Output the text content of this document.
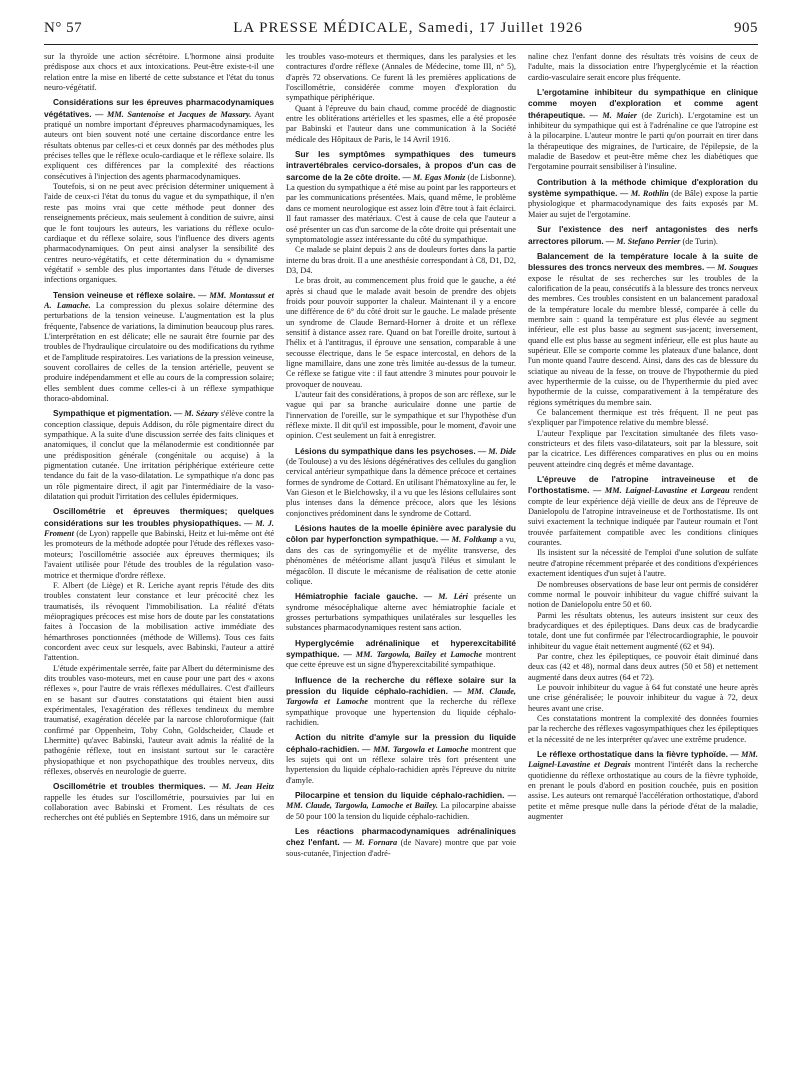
N° 57	LA PRESSE MÉDICALE, Samedi, 17 Juillet 1926	905

sur la thyroïde une action sécrétoire. L'hormone ainsi produite prédispose aux chocs et aux intoxications. Peut-être existe-t-il une relation entre la mise en liberté de cette substance et l'état du tonus neuro-végétatif.

Considérations sur les épreuves pharmacodynamiques végétatives. — MM. Santenoise et Jacques de Massary. Ayant pratiqué un nombre important d'épreuves pharmacodynamiques, les auteurs ont bien souvent noté une certaine discordance entre les résultats obtenus par celles-ci et ceux donnés par des méthodes plus précises telles que le réflexe oculo-cardiaque et le réflexe solaire. Ils expliquent ces différences par la complexité des réactions consécutives à l'injection des agents pharmacodynamiques.

Toutefois, si on ne peut avec précision déterminer uniquement à l'aide de ceux-ci l'état du tonus du vague et du sympathique, il n'en reste pas moins vrai que cette méthode peut donner des renseignements précieux, mais seulement à condition de suivre, ainsi que le font toujours les auteurs, les variations du réflexe oculo-cardiaque et du réflexe solaire, sous l'influence des divers agents pharmacodynamiques. On peut ainsi analyser la sensibilité des centres neuro-végétatifs, et cette détermination du « dynamisme végétatif » semble des plus importantes dans l'étude de diverses infections organiques.

Tension veineuse et réflexe solaire. — MM. Montassut et A. Lamache. La compression du plexus solaire détermine des perturbations de la tension veineuse. L'augmentation est la plus fréquente, l'absence de variations, la diminution beaucoup plus rares. L'interprétation en est délicate; elle ne saurait être fournie par des troubles de l'hydraulique circulatoire ou des modifications du rythme et de l'amplitude respiratoires. Les variations de la pression veineuse, souvent corollaires de celles de la tension artérielle, peuvent se produire indépendamment et elle au cours de la compression solaire; elles semblent dues comme celles-ci à un réflexe sympathique thoraco-abdominal.

Sympathique et pigmentation. — M. Sézary s'élève contre la conception classique, depuis Addison, du rôle pigmentaire direct du sympathique. A la suite d'une discussion serrée des faits cliniques et anatomiques, il conclut que la mélanodermie est conditionnée par une prédisposition générale (congénitale ou acquise) à la pigmentation cutanée. Une irritation périphérique extérieure cette tendance du fait de la vaso-dilatation. Le sympathique n'a donc pas un rôle pigmentaire direct, il agit par l'intermédiaire de la vaso-dilatation qui produit l'irritation des cellules épidermiques.

Oscillométrie et épreuves thermiques; quelques considérations sur les troubles physiopathiques. — M. J. Froment (de Lyon) rappelle que Babinski, Heitz et lui-même ont été les promoteurs de la méthode adoptée pour l'étude des réflexes vaso-moteurs; l'oscillométrie associée aux épreuves thermiques; ils l'avaient utilisée pour l'étude des troubles de la régulation vaso-motrice et thermique d'ordre réflexe.

F. Albert (de Liège) et R. Leriche ayant repris l'étude des dits troubles constatent leur constance et leur précocité chez les traumatisés, ils révoquent l'immobilisation. La réalité d'états méiopragiques précoces est mise hors de doute par les constatations faites à l'occasion de la mobilisation active immédiate des hémarthroses ponctionnées (méthode de Willems). Tous ces faits concordent avec ceux sur lesquels, avec Babinski, l'auteur a attiré l'attention.

L'étude expérimentale serrée, faite par Albert du déterminisme des dits troubles vaso-moteurs, met en cause pour une part des « axons réflexes », pour l'autre de vrais réflexes médullaires. C'est d'ailleurs en se basant sur d'autres constatations qui étaient bien aussi expérimentales, l'exagération des réflexes tendineux du membre traumatisé, exagération décelée par la narcose chloroformique (fait confirmé par Oppenheim, Toby Cohn, Goldscheider, Claude et Lhermitte) qu'avec Babinski, l'auteur avait admis la réalité de la pathogénie réflexe, tout en insistant surtout sur le caractère physiopathique et non psychopathique des troubles nerveux, dits réflexes, observés en neurologie de guerre.

Oscillométrie et troubles thermiques. — M. Jean Heitz rappelle les études sur l'oscillométrie, poursuivies par lui en collaboration avec Babinski et Froment. Les résultats de ces recherches ont été publiés en Septembre 1916, dans un mémoire sur

les troubles vaso-moteurs et thermiques, dans les paralysies et les contractures d'ordre réflexe (Annales de Médecine, tome III, n° 5), d'après 72 observations. Ce furent là les premières applications de l'oscillométrie, considérée comme moyen d'exploration du sympathique périphérique.

Quant à l'épreuve du bain chaud, comme procédé de diagnostic entre les oblitérations artérielles et les spasmes, elle a été proposée par Babinski et l'auteur dans une communication à la Société médicale des Hôpitaux de Paris, le 14 Avril 1916.

Sur les symptômes sympathiques des tumeurs intravertébrales cervico-dorsales, à propos d'un cas de sarcome de la 2e côte droite. — M. Egas Moniz (de Lisbonne). La question du sympathique a été mise au point par les rapporteurs et par les communications présentées. Mais, quand même, le problème dans ce moment neurologique est assez loin d'être tout à fait éclairci. Il faut ramasser des matériaux. C'est à cause de cela que l'auteur a osé présenter un cas d'un sarcome de la côte droite qui présentait une symptomatologie assez intéressante du côté du sympathique.

Ce malade se plaint depuis 2 ans de douleurs fortes dans la partie interne du bras droit. Il a une anesthésie correspondant à C8, D1, D2, D3, D4.

Le bras droit, au commencement plus froid que le gauche, a été après si chaud que le malade avait besoin de prendre des objets froids pour pouvoir supporter la chaleur. Maintenant il y a encore une différence de 6° du côté droit sur le gauche. Le malade présente un syndrome de Claude Bernard-Horner à droite et un réflexe sensitif à distance assez rare. Quand on bat l'oreille droite, surtout à l'hélix et à l'antitragus, il éprouve une sensation, comparable à une secousse électrique, dans le 5e espace intercostal, en dehors de la ligne mamillaire, dans une zone très limitée au-dessus de la tumeur. Ce réflexe se fatigue vite : il faut attendre 3 minutes pour pouvoir le provoquer de nouveau.

L'auteur fait des considérations, à propos de son arc réflexe, sur le vague qui par sa branche auriculaire donne une partie de l'innervation de l'oreille, sur le sympathique et sur l'hypothèse d'un réflexe mixte. Il dit qu'il est impossible, pour le moment, d'avoir une opinion. C'est seulement un fait à enregistrer.

Lésions du sympathique dans les psychoses. — M. Dide (de Toulouse) a vu des lésions dégénératives des cellules du ganglion cervical antérieur sympathique dans la démence précoce et certaines formes de syndrome de Cottard. En utilisant l'hématoxyline au fer, le Van Gieson et le Bielchowsky, il a vu que les lésions cellulaires sont plus intenses dans la démence précoce, alors que les lésions conjonctives prédominent dans le syndrome de Cottard.

Lésions hautes de la moelle épinière avec paralysie du côlon par hyperfonction sympathique. — M. Foltkamp a vu, dans des cas de syringomyélie et de myélite transverse, des phénomènes de météorisme allant jusqu'à l'iléus et simulant le mégacôlon. Il discute le mécanisme de réalisation de cette atonie colique.

Hémiatrophie faciale gauche. — M. Léri présente un syndrome mésocéphalique alterne avec hémiatrophie faciale et grosses perturbations sympathiques unilatérales sur lesquelles les substances pharmacodynamiques restent sans action.

Hyperglycémie adrénalinique et hyperexcitabilité sympathique. — MM. Targowla, Bailey et Lamoche montrent que cette épreuve est un signe d'hyperexcitabilité sympathique.

Influence de la recherche du réflexe solaire sur la pression du liquide céphalo-rachidien. — MM. Claude, Targowla et Lamoche montrent que la recherche du réflexe sympathique provoque une hypertension du liquide céphalo-rachidien.

Action du nitrite d'amyle sur la pression du liquide céphalo-rachidien. — MM. Targowla et Lamoche montrent que les sujets qui ont un réflexe solaire très fort présentent une hypertension du liquide céphalo-rachidien après l'épreuve du nitrite d'amyle.

Pilocarpine et tension du liquide céphalo-rachidien. — MM. Claude, Targowla, Lamoche et Bailey. La pilocarpine abaisse de 50 pour 100 la tension du liquide céphalo-rachidien.

Les réactions pharmacodynamiques adrénaliniques chez l'enfant. — M. Fornara (de Navare) montre que par voie sous-cutanée, l'injection d'adré-

naline chez l'enfant donne des résultats très voisins de ceux de l'adulte, mais la dissociation entre l'hyperglycémie et la réaction cardio-vasculaire serait encore plus fréquente.

L'ergotamine inhibiteur du sympathique en clinique comme moyen d'exploration et comme agent thérapeutique. — M. Maier (de Zurich). L'ergotamine est un inhibiteur du sympathique qui est à l'adrénaline ce que l'atropine est à la pilocarpine. L'auteur montre le parti qu'on pourrait en tirer dans la thérapeutique des migraines, de l'urticaire, de l'épilepsie, de la maladie de Basedow et peut-être même chez les diabétiques que l'ergotamine pourrait sensibiliser à l'insuline.

Contribution à la méthode chimique d'exploration du système sympathique. — M. Rothlin (de Bâle) expose la partie physiologique et pharmacodynamique des faits exposés par M. Maier au sujet de l'ergotamine.

Sur l'existence des nerf antagonistes des nerfs arrectores pilorum. — M. Stefano Perrier (de Turin).

Balancement de la température locale à la suite de blessures des troncs nerveux des membres. — M. Souques expose le résultat de ses recherches sur les troubles de la calorification de la peau, consécutifs à la blessure des troncs nerveux des membres. Ces troubles consistent en un balancement paradoxal de la température locale du membre blessé, comparée à celle du membre sain : quand la température est plus élevée au segment inférieur, elle est plus basse au segment sus-jacent; inversement, quand elle est plus basse au segment inférieur, elle est plus haute au supérieur. Elle se comporte comme les plateaux d'une balance, dont l'un monte quand l'autre descend. Ainsi, dans des cas de blessure du sciatique au niveau de la fesse, on trouve de l'hypothermie du pied avec hyperthermie de la cuisse, ou de l'hyperthermie du pied avec hypothermie de la cuisse, comparativement à la température des régions symétriques du membre sain.

Ce balancement thermique est très fréquent. Il ne peut pas s'expliquer par l'impotence relative du membre blessé.

L'auteur l'explique par l'excitation simultanée des filets vaso-constricteurs et des filets vaso-dilatateurs, soit par la blessure, soit par la cicatrice. Les différences comparatives en plus ou en moins peuvent atteindre cinq degrés et même davantage.

L'épreuve de l'atropine intraveineuse et de l'orthostatisme. — MM. Laignel-Lavastine et Largeau rendent compte de leur expérience déjà vieille de deux ans de l'épreuve de Danielopolu de l'atropine intraveineuse et de l'orthostatisme. Ils ont suivi exactement la technique indiquée par l'auteur roumain et l'ont trouvée parfaitement compatible avec les conditions cliniques courantes.

Ils insistent sur la nécessité de l'emploi d'une solution de sulfate neutre d'atropine récemment préparée et des conditions d'expériences exactement identiques d'un sujet à l'autre.

De nombreuses observations de base leur ont permis de considérer comme normal le pouvoir inhibiteur du vague chiffré suivant la notion de Danielopolu entre 50 et 60.

Parmi les résultats obtenus, les auteurs insistent sur ceux des bradycardiques et des épileptiques. Dans deux cas de bradycardie totale, dont une fut confirmée par l'électrocardiographie, le pouvoir inhibiteur du vague était nettement augmenté (62 et 94).

Par contre, chez les épileptiques, ce pouvoir était diminué dans deux cas (42 et 48), normal dans deux autres (50 et 58) et nettement augmenté dans deux autres (64 et 72).

Le pouvoir inhibiteur du vague à 64 fut constaté une heure après une crise généralisée; le pouvoir inhibiteur du vague à 72, deux heures avant une crise.

Ces constatations montrent la complexité des données fournies par la recherche des réflexes vagosympathiques chez les épileptiques et la nécessité de ne les interpréter qu'avec une extrême prudence.

Le réflexe orthostatique dans la fièvre typhoïde. — MM. Laignel-Lavastine et Degrais montrent l'intérêt dans la recherche quotidienne du réflexe orthostatique au cours de la fièvre typhoïde, en prenant le pouls d'abord en position couchée, puis en position assise. Les auteurs ont remarqué l'accélération orthostatique, d'abord petite et même presque nulle dans la période d'état de la maladie, augmenter
